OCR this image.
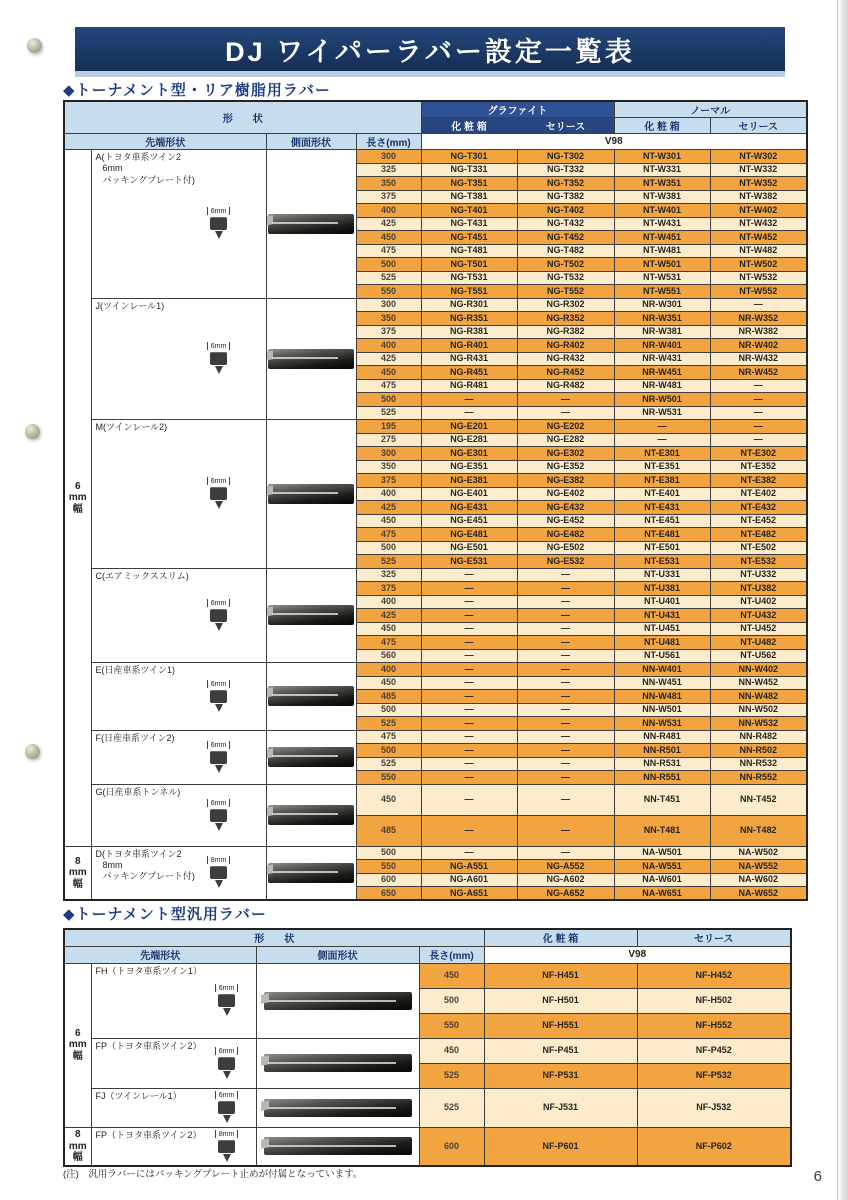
DJ ワイパーラバー設定一覧表
◆トーナメント型・リア樹脂用ラバー
形　　状				グラファイト		ノーマル	
				化 粧 箱	セリース	化 粧 箱	セリース
先端形状		側面形状	長さ(mm)	V98			

6
mm
幅

A(トヨタ車系ツイン2
6mm
パッキングプレート付)
6mm

	300	NG-T301	NG-T302	NT-W301	NT-W302
			325	NG-T331	NG-T332	NT-W331	NT-W332
			350	NG-T351	NG-T352	NT-W351	NT-W352
			375	NG-T381	NG-T382	NT-W381	NT-W382
			400	NG-T401	NG-T402	NT-W401	NT-W402
			425	NG-T431	NG-T432	NT-W431	NT-W432
			450	NG-T451	NG-T452	NT-W451	NT-W452
			475	NG-T481	NG-T482	NT-W481	NT-W482
			500	NG-T501	NG-T502	NT-W501	NT-W502
			525	NG-T531	NG-T532	NT-W531	NT-W532
			550	NG-T551	NG-T552	NT-W551	NT-W552

	J(ツインレール1)
6mm		300	NG-R301	NG-R302	NR-W301	—
			350	NG-R351	NG-R352	NR-W351	NR-W352
			375	NG-R381	NG-R382	NR-W381	NR-W382
			400	NG-R401	NG-R402	NR-W401	NR-W402
			425	NG-R431	NG-R432	NR-W431	NR-W432
			450	NG-R451	NG-R452	NR-W451	NR-W452
			475	NG-R481	NG-R482	NR-W481	—
			500	—	—	NR-W501	—
			525	—	—	NR-W531	—

	M(ツインレール2)
6mm		195	NG-E201	NG-E202	—	—
			275	NG-E281	NG-E282	—	—
			300	NG-E301	NG-E302	NT-E301	NT-E302
			350	NG-E351	NG-E352	NT-E351	NT-E352
			375	NG-E381	NG-E382	NT-E381	NT-E382
			400	NG-E401	NG-E402	NT-E401	NT-E402
			425	NG-E431	NG-E432	NT-E431	NT-E432
			450	NG-E451	NG-E452	NT-E451	NT-E452
			475	NG-E481	NG-E482	NT-E481	NT-E482
			500	NG-E501	NG-E502	NT-E501	NT-E502
			525	NG-E531	NG-E532	NT-E531	NT-E532

	C(エアミックススリム)
6mm		325	—	—	NT-U331	NT-U332
			375	—	—	NT-U381	NT-U382
			400	—	—	NT-U401	NT-U402
			425	—	—	NT-U431	NT-U432
			450	—	—	NT-U451	NT-U452
			475	—	—	NT-U481	NT-U482
			560	—	—	NT-U561	NT-U562

	E(日産車系ツイン1)
6mm		400	—	—	NN-W401	NN-W402
			450	—	—	NN-W451	NN-W452
			485	—	—	NN-W481	NN-W482
			500	—	—	NN-W501	NN-W502
			525	—	—	NN-W531	NN-W532

	F(日産車系ツイン2)
6mm		475	—	—	NN-R481	NN-R482
			500	—	—	NN-R501	NN-R502
			525	—	—	NN-R531	NN-R532
			550	—	—	NN-R551	NN-R552

	G(日産車系トンネル)
6mm		450	—	—	NN-T451	NN-T452
			485	—	—	NN-T481	NN-T482

8
mm
幅

D(トヨタ車系ツイン2
8mm
パッキングプレート付)
8mm

	500	—	—	NA-W501	NA-W502
			550	NG-A551	NG-A552	NA-W551	NA-W552
			600	NG-A601	NG-A602	NA-W601	NA-W602
			650	NG-A651	NG-A652	NA-W651	NA-W652
◆トーナメント型汎用ラバー
形　　状				化 粧 箱	セリース
先端形状		側面形状	長さ(mm)	V98	

6
mm
幅

FH（トヨタ車系ツイン1）
6mm

	450	NF-H451	NF-H452
			500	NF-H501	NF-H502
			550	NF-H551	NF-H552

	FP（トヨタ車系ツイン2）
6mm		450	NF-P451	NF-P452
			525	NF-P531	NF-P532

	FJ（ツインレール1） 6mm		525	NF-J531	NF-J532

8
mm
幅

FP（トヨタ車系ツイン2）	8mm

	600	NF-P601	NF-P602
(注)　汎用ラバーにはパッキングプレート止めが付属となっています。	6
